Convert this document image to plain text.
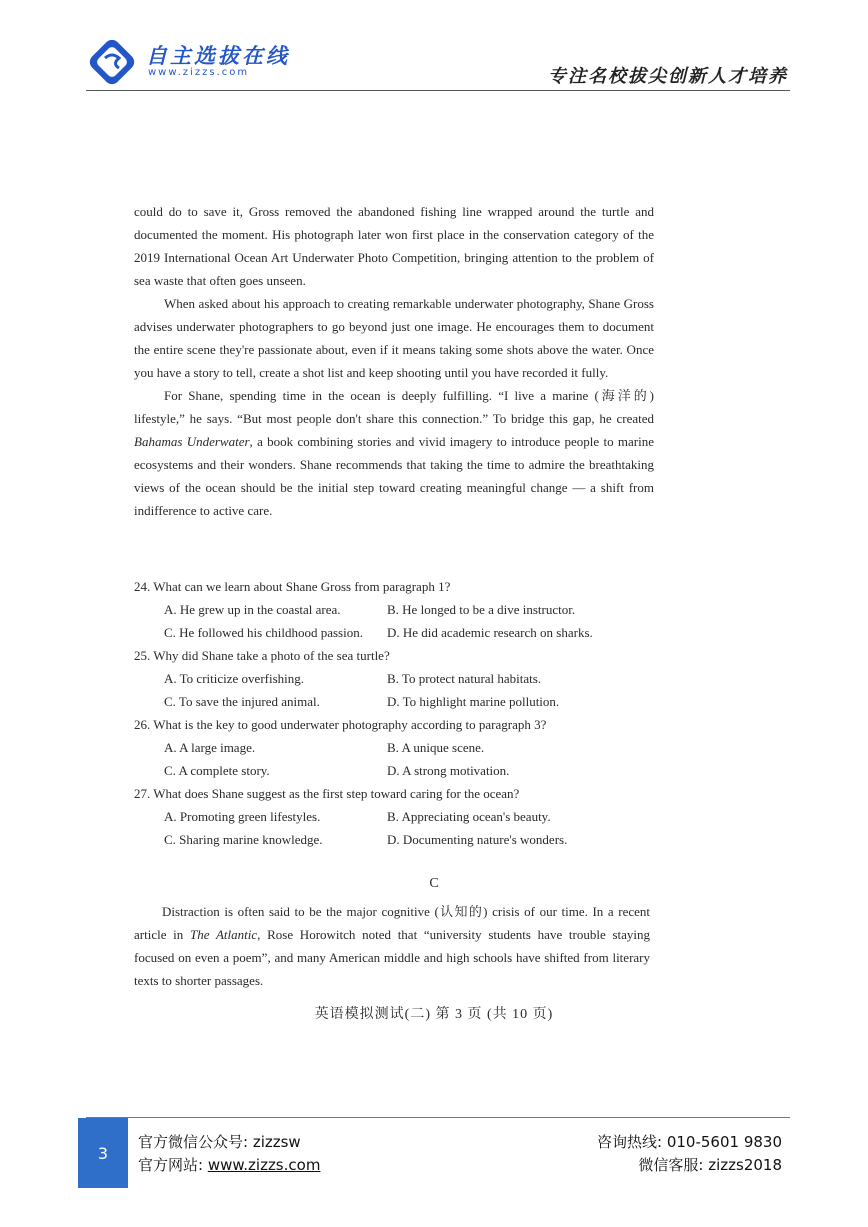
自主选拔在线
www.zizzs.com	专注名校拔尖创新人才培养

could do to save it, Gross removed the abandoned fishing line wrapped around the turtle and documented the moment. His photograph later won first place in the conservation category of the 2019 International Ocean Art Underwater Photo Competition, bringing attention to the problem of sea waste that often goes unseen.

When asked about his approach to creating remarkable underwater photography, Shane Gross advises underwater photographers to go beyond just one image. He encourages them to document the entire scene they're passionate about, even if it means taking some shots above the water. Once you have a story to tell, create a shot list and keep shooting until you have recorded it fully.

For Shane, spending time in the ocean is deeply fulfilling. “I live a marine (海洋的) lifestyle,” he says. “But most people don't share this connection.” To bridge this gap, he created Bahamas Underwater, a book combining stories and vivid imagery to introduce people to marine ecosystems and their wonders. Shane recommends that taking the time to admire the breathtaking views of the ocean should be the initial step toward creating meaningful change — a shift from indifference to active care.

24. What can we learn about Shane Gross from paragraph 1?
A. He grew up in the coastal area.	B. He longed to be a dive instructor.
C. He followed his childhood passion.	D. He did academic research on sharks.
25. Why did Shane take a photo of the sea turtle?
A. To criticize overfishing.	B. To protect natural habitats.
C. To save the injured animal.	D. To highlight marine pollution.
26. What is the key to good underwater photography according to paragraph 3?
A. A large image.	B. A unique scene.
C. A complete story.	D. A strong motivation.
27. What does Shane suggest as the first step toward caring for the ocean?
A. Promoting green lifestyles.	B. Appreciating ocean's beauty.
C. Sharing marine knowledge.	D. Documenting nature's wonders.
C
Distraction is often said to be the major cognitive (认知的) crisis of our time. In a recent article in The Atlantic, Rose Horowitch noted that “university students have trouble staying focused on even a poem”, and many American middle and high schools have shifted from literary texts to shorter passages.
英语模拟测试(二) 第 3 页 (共 10 页)
3
官方微信公众号: zizzsw
官方网站: www.zizzs.com
咨询热线: 010-5601 9830
微信客服: zizzs2018
